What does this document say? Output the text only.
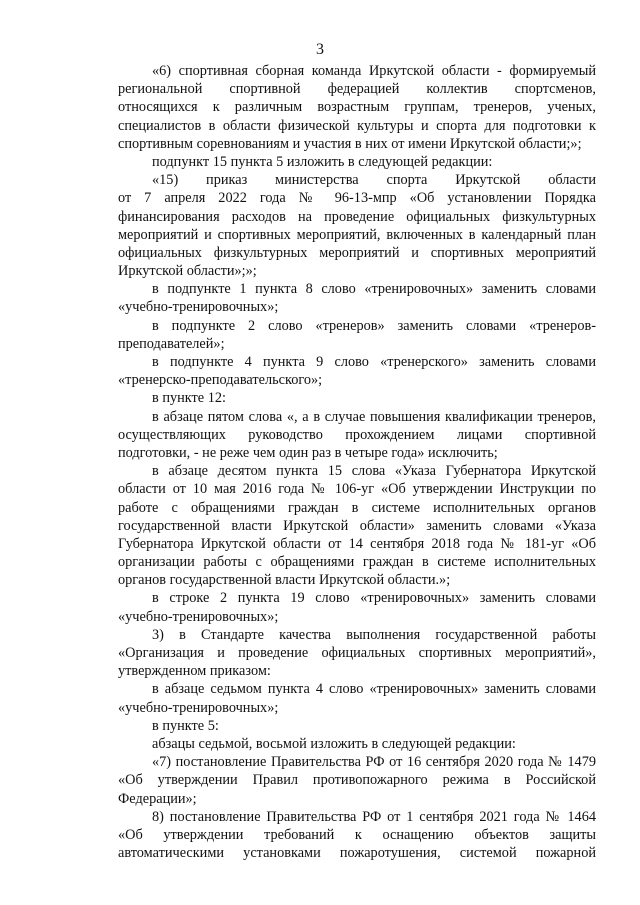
3
«6) спортивная сборная команда Иркутской области - формируемый
региональной спортивной федерацией коллектив спортсменов,
относящихся к различным возрастным группам, тренеров, ученых,
специалистов в области физической культуры и спорта для подготовки к
спортивным соревнованиям и участия в них от имени Иркутской области;»;
подпункт 15 пункта 5 изложить в следующей редакции:
«15) приказ министерства спорта Иркутской области
от 7 апреля 2022 года № 96-13-мпр «Об установлении Порядка
финансирования расходов на проведение официальных физкультурных
мероприятий и спортивных мероприятий, включенных в календарный план
официальных физкультурных мероприятий и спортивных мероприятий
Иркутской области»;»;
в подпункте 1 пункта 8 слово «тренировочных» заменить словами
«учебно-тренировочных»;
в подпункте 2 слово «тренеров» заменить словами «тренеров-
преподавателей»;
в подпункте 4 пункта 9 слово «тренерского» заменить словами
«тренерско-преподавательского»;
в пункте 12:
в абзаце пятом слова «, а в случае повышения квалификации тренеров,
осуществляющих руководство прохождением лицами спортивной
подготовки, - не реже чем один раз в четыре года» исключить;
в абзаце десятом пункта 15 слова «Указа Губернатора Иркутской
области от 10 мая 2016 года № 106-уг «Об утверждении Инструкции по
работе с обращениями граждан в системе исполнительных органов
государственной власти Иркутской области» заменить словами «Указа
Губернатора Иркутской области от 14 сентября 2018 года № 181-уг «Об
организации работы с обращениями граждан в системе исполнительных
органов государственной власти Иркутской области.»;
в строке 2 пункта 19 слово «тренировочных» заменить словами
«учебно-тренировочных»;
3) в Стандарте качества выполнения государственной работы
«Организация и проведение официальных спортивных мероприятий»,
утвержденном приказом:
в абзаце седьмом пункта 4 слово «тренировочных» заменить словами
«учебно-тренировочных»;
в пункте 5:
абзацы седьмой, восьмой изложить в следующей редакции:
«7) постановление Правительства РФ от 16 сентября 2020 года № 1479
«Об утверждении Правил противопожарного режима в Российской
Федерации»;
8) постановление Правительства РФ от 1 сентября 2021 года № 1464
«Об утверждении требований к оснащению объектов защиты
автоматическими установками пожаротушения, системой пожарной
